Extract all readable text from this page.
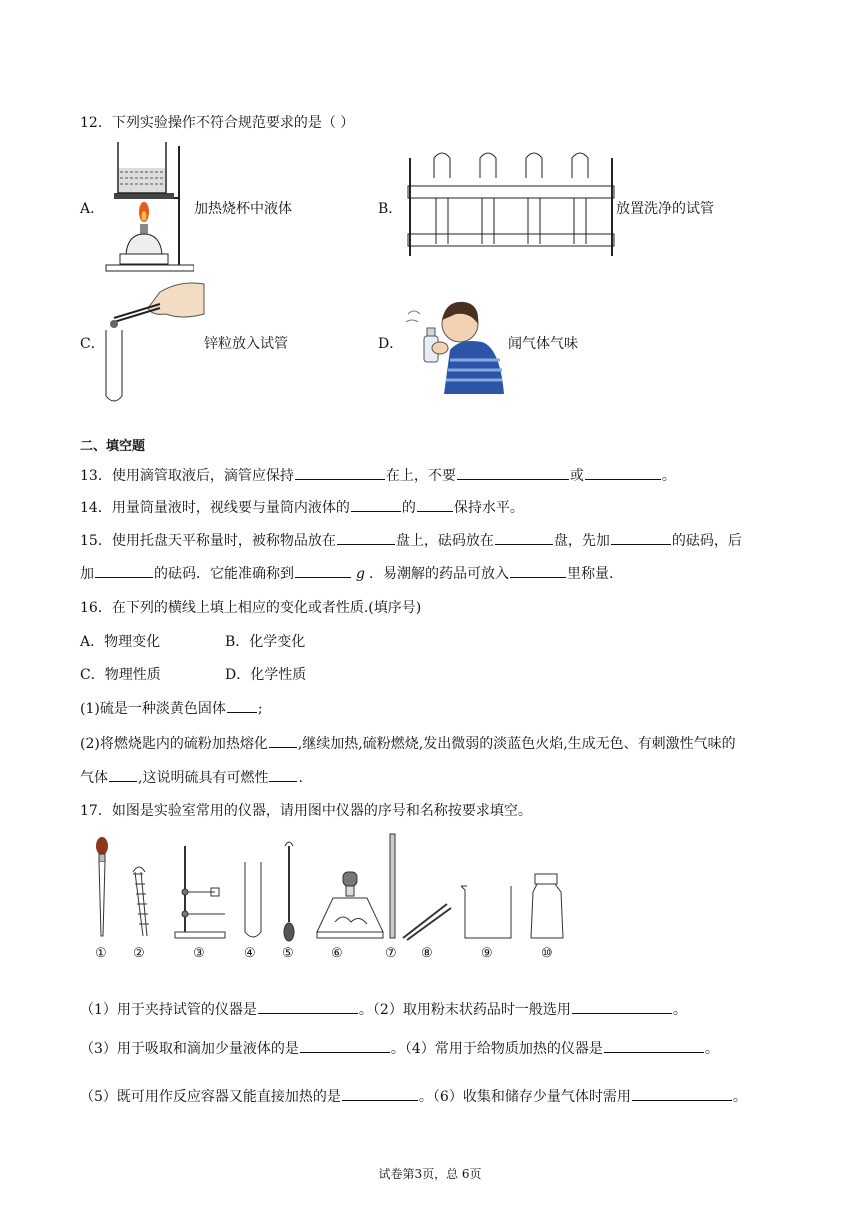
12．下列实验操作不符合规范要求的是（ ）
A．	加热烧杯中液体	B．	放置洗净的试管
C．	锌粒放入试管	D．	闻气体气味
二、填空题
13．使用滴管取液后，滴管应保持	在上，不要	或	。
14．用量筒量液时，视线要与量筒内液体的	的	保持水平。
15．使用托盘天平称量时，被称物品放在	盘上，砝码放在	盘，先加	的砝码，后
加	的砝码．它能准确称到	g ．易潮解的药品可放入	里称量.
16．在下列的横线上填上相应的变化或者性质.(填序号)
A．物理变化	B．化学变化
C．物理性质	D．化学性质
(1)硫是一种淡黄色固体 ;
(2)将燃烧匙内的硫粉加热熔化 ,继续加热,硫粉燃烧,发出微弱的淡蓝色火焰,生成无色、有刺激性气味的
气体 ,这说明硫具有可燃性 .
17．如图是实验室常用的仪器，请用图中仪器的序号和名称按要求填空。
① ②	③	④ ⑤	⑥	⑦ ⑧	⑨	⑩
（1）用于夹持试管的仪器是	。（2）取用粉末状药品时一般选用	。
（3）用于吸取和滴加少量液体的是	。（4）常用于给物质加热的仪器是	。
（5）既可用作反应容器又能直接加热的是	。（6）收集和储存少量气体时需用	。
试卷第3页，总 6页
